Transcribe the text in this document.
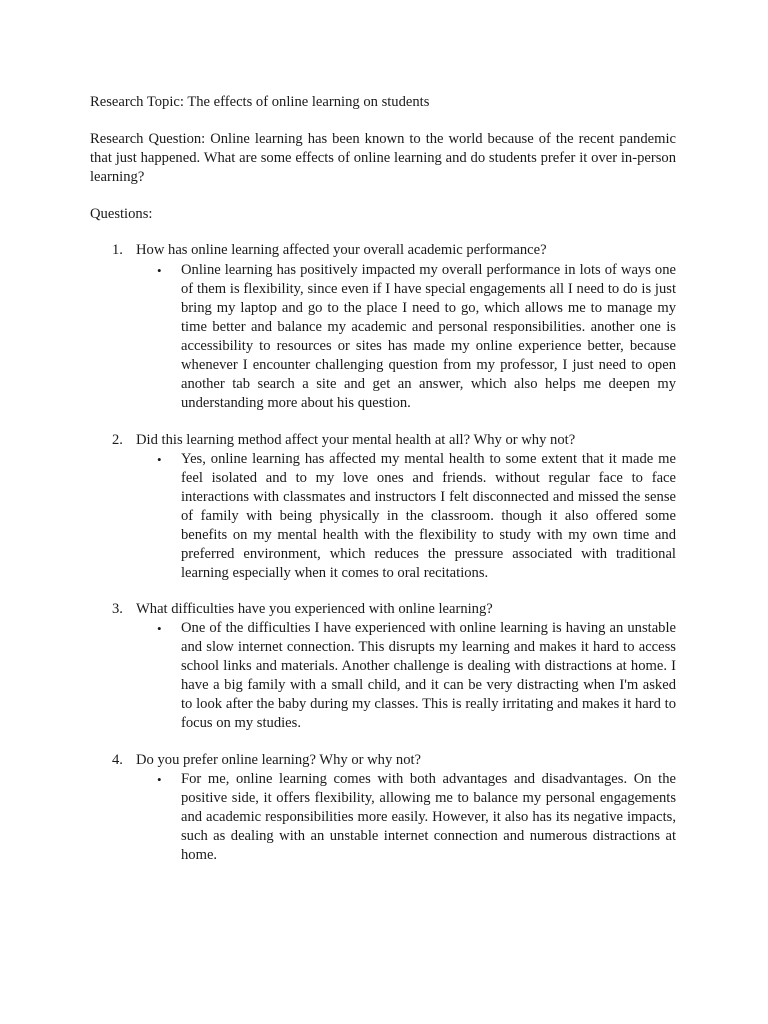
Research Topic: The effects of online learning on students

Research Question: Online learning has been known to the world because of the recent pandemic that just happened. What are some effects of online learning and do students prefer it over in-person learning?

Questions:

1. How has online learning affected your overall academic performance?

• Online learning has positively impacted my overall performance in lots of ways one of them is flexibility, since even if I have special engagements all I need to do is just bring my laptop and go to the place I need to go, which allows me to manage my time better and balance my academic and personal responsibilities. another one is accessibility to resources or sites has made my online experience better, because whenever I encounter challenging question from my professor, I just need to open another tab search a site and get an answer, which also helps me deepen my understanding more about his question.

2. Did this learning method affect your mental health at all? Why or why not?

• Yes, online learning has affected my mental health to some extent that it made me feel isolated and to my love ones and friends. without regular face to face interactions with classmates and instructors I felt disconnected and missed the sense of family with being physically in the classroom. though it also offered some benefits on my mental health with the flexibility to study with my own time and preferred environment, which reduces the pressure associated with traditional learning especially when it comes to oral recitations.

3. What difficulties have you experienced with online learning?

• One of the difficulties I have experienced with online learning is having an unstable and slow internet connection. This disrupts my learning and makes it hard to access school links and materials. Another challenge is dealing with distractions at home. I have a big family with a small child, and it can be very distracting when I'm asked to look after the baby during my classes. This is really irritating and makes it hard to focus on my studies.

4. Do you prefer online learning? Why or why not?

• For me, online learning comes with both advantages and disadvantages. On the positive side, it offers flexibility, allowing me to balance my personal engagements and academic responsibilities more easily. However, it also has its negative impacts, such as dealing with an unstable internet connection and numerous distractions at home.
